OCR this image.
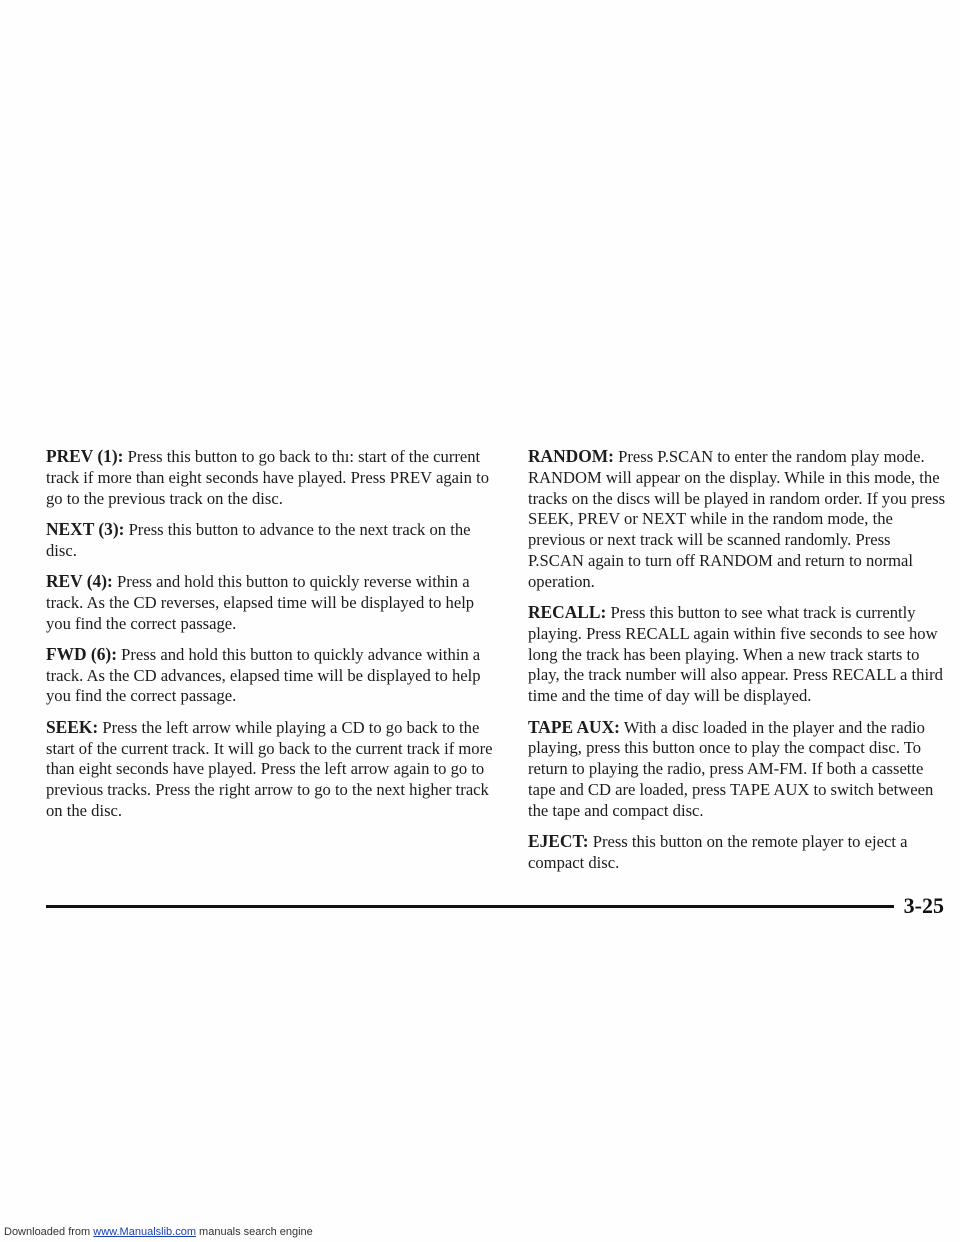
Downloaded from www.Manualslib.com manuals search engine

PREV (1): Press this button to go back to thı: start of the current track if more than eight seconds have played. Press PREV again to go to the previous track on the disc.

NEXT (3): Press this button to advance to the next track on the disc.

REV (4): Press and hold this button to quickly reverse within a track. As the CD reverses, elapsed time will be displayed to help you find the correct passage.

FWD (6): Press and hold this button to quickly advance within a track. As the CD advances, elapsed time will be displayed to help you find the correct passage.

SEEK: Press the left arrow while playing a CD to go back to the start of the current track. It will go back to the current track if more than eight seconds have played. Press the left arrow again to go to previous tracks. Press the right arrow to go to the next higher track on the disc.

RANDOM: Press P.SCAN to enter the random play mode. RANDOM will appear on the display. While in this mode, the tracks on the discs will be played in random order. If you press SEEK, PREV or NEXT while in the random mode, the previous or next track will be scanned randomly. Press P.SCAN again to turn off RANDOM and return to normal operation.

RECALL: Press this button to see what track is currently playing. Press RECALL again within five seconds to see how long the track has been playing. When a new track starts to play, the track number will also appear. Press RECALL a third time and the time of day will be displayed.

TAPE AUX: With a disc loaded in the player and the radio playing, press this button once to play the compact disc. To return to playing the radio, press AM-FM. If both a cassette tape and CD are loaded, press TAPE AUX to switch between the tape and compact disc.

EJECT: Press this button on the remote player to eject a compact disc.

3-25
